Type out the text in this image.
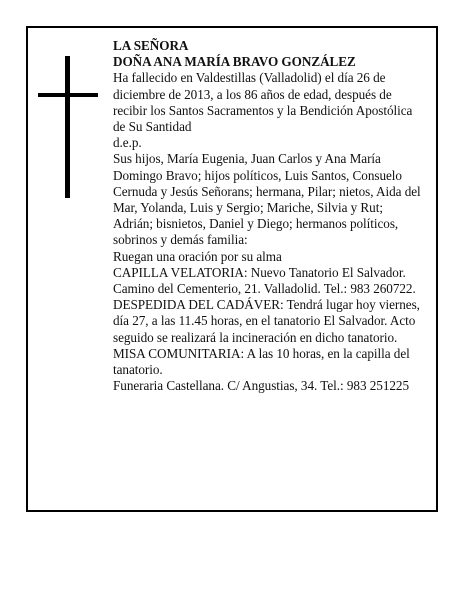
LA SEÑORA

DOÑA ANA MARÍA BRAVO GONZÁLEZ

Ha fallecido en Valdestillas (Valladolid) el día 26 de diciembre de 2013, a los 86 años de edad, después de recibir los Santos Sacramentos y la Bendición Apostólica de Su Santidad

d.e.p.

Sus hijos, María Eugenia, Juan Carlos y Ana María Domingo Bravo; hijos políticos, Luis Santos, Consuelo Cernuda y Jesús Señorans; hermana, Pilar; nietos, Aida del Mar, Yolanda, Luis y Sergio; Mariche, Silvia y Rut; Adrián; bisnietos, Daniel y Diego; hermanos políticos, sobrinos y demás familia:

Ruegan una oración por su alma

CAPILLA VELATORIA: Nuevo Tanatorio El Salvador. Camino del Cementerio, 21. Valladolid. Tel.: 983 260722.

DESPEDIDA DEL CADÁVER: Tendrá lugar hoy viernes, día 27, a las 11.45 horas, en el tanatorio El Salvador. Acto seguido se realizará la incineración en dicho tanatorio.

MISA COMUNITARIA: A las 10 horas, en la capilla del tanatorio.

Funeraria Castellana. C/ Angustias, 34. Tel.: 983 251225
